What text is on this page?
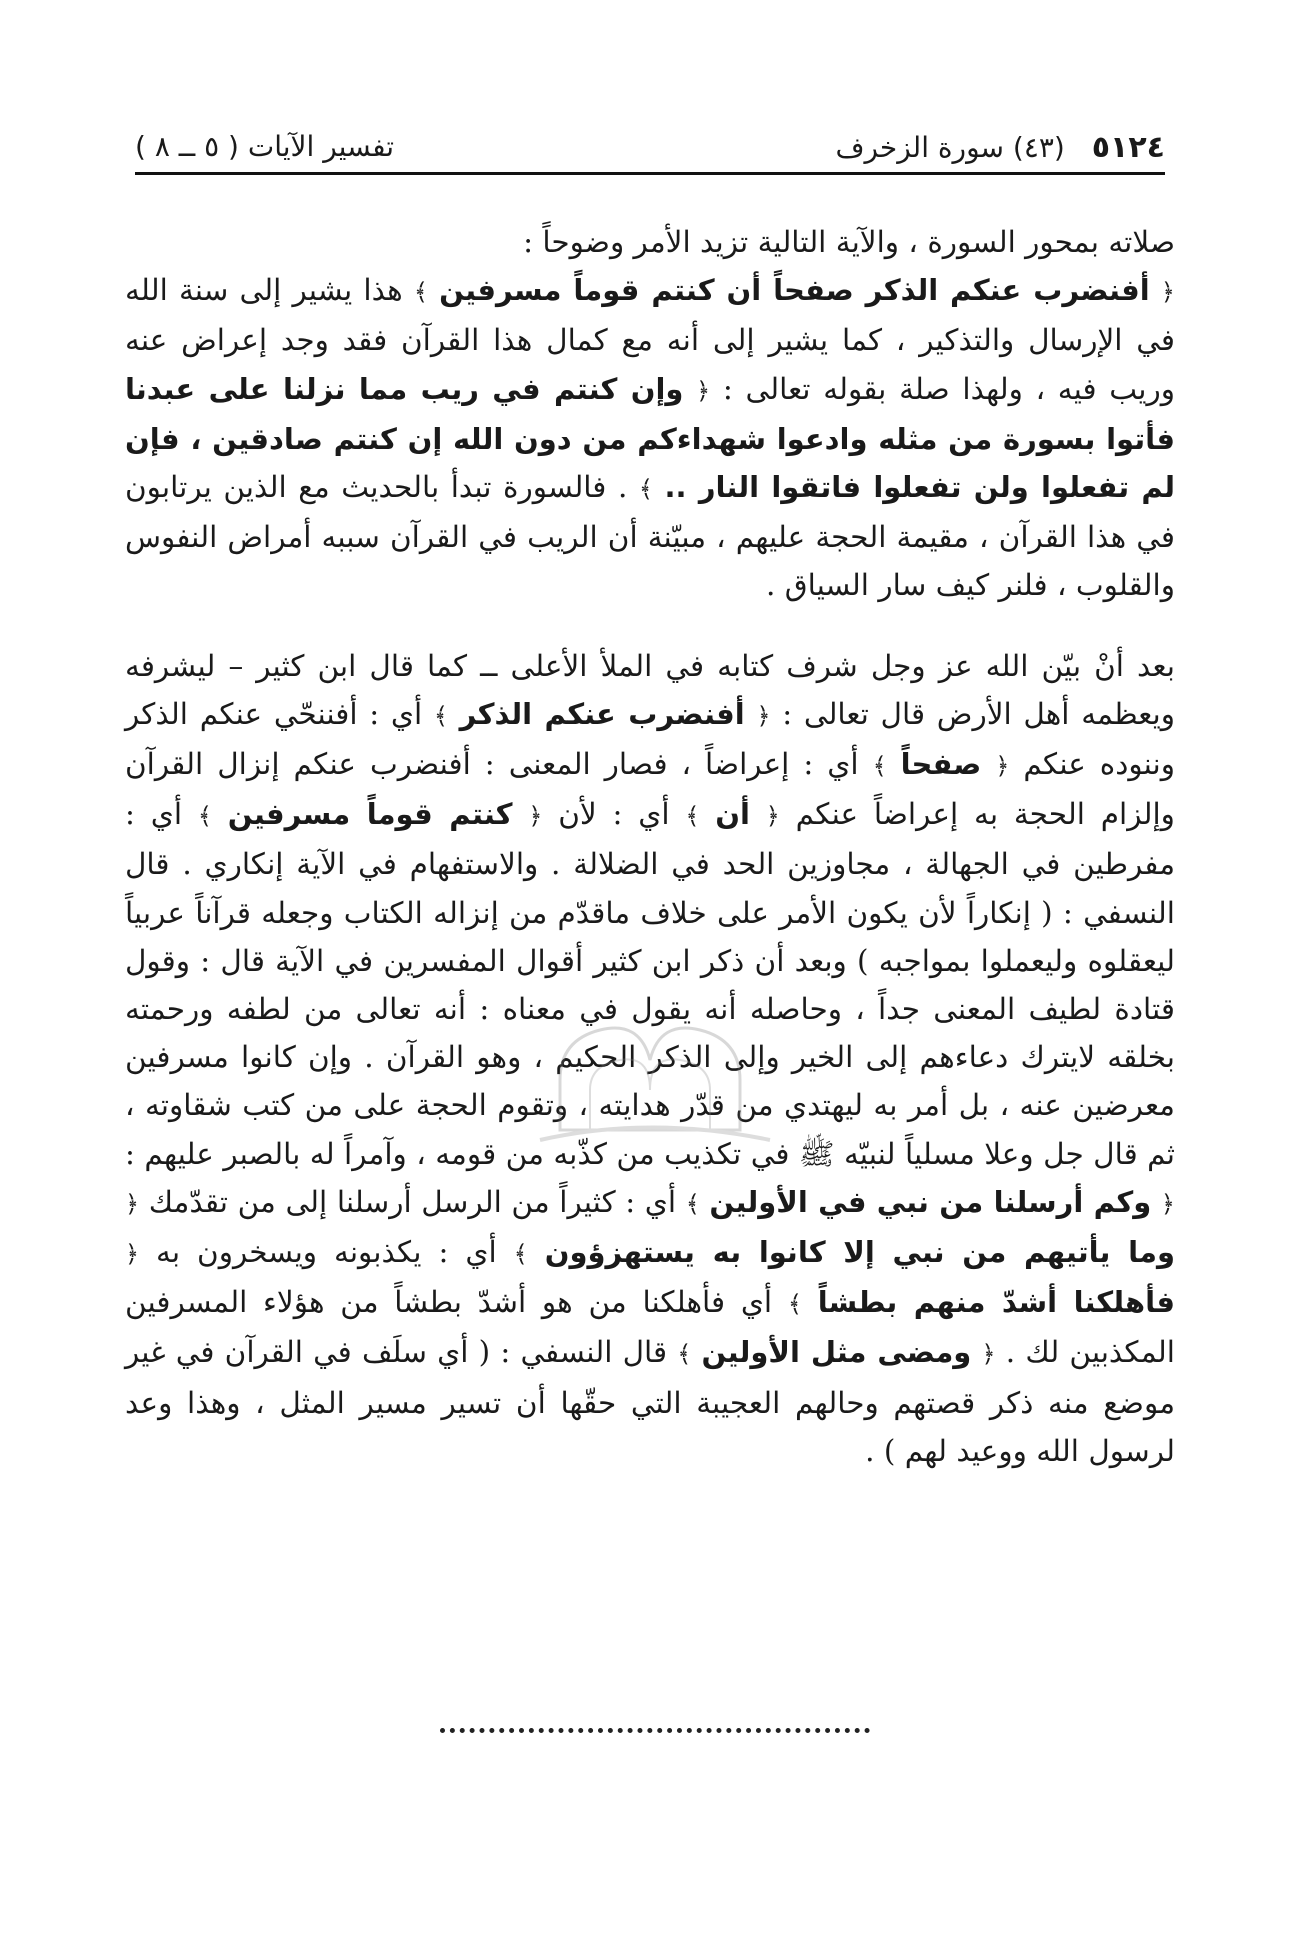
٥١٢٤ (٤٣) سورة الزخرف
تفسير الآيات ( ٥ ــ ٨ )

صلاته بمحور السورة ، والآية التالية تزيد الأمر وضوحاً :

﴿ أفنضرب عنكم الذكر صفحاً أن كنتم قوماً مسرفين ﴾ هذا يشير إلى سنة الله في الإرسال والتذكير ، كما يشير إلى أنه مع كمال هذا القرآن فقد وجد إعراض عنه وريب فيه ، ولهذا صلة بقوله تعالى : ﴿ وإن كنتم في ريب مما نزلنا على عبدنا فأتوا بسورة من مثله وادعوا شهداءكم من دون الله إن كنتم صادقين ، فإن لم تفعلوا ولن تفعلوا فاتقوا النار .. ﴾ . فالسورة تبدأ بالحديث مع الذين يرتابون في هذا القرآن ، مقيمة الحجة عليهم ، مبيّنة أن الريب في القرآن سببه أمراض النفوس والقلوب ، فلنر كيف سار السياق .

بعد أنْ بيّن الله عز وجل شرف كتابه في الملأ الأعلى ــ كما قال ابن كثير – ليشرفه ويعظمه أهل الأرض قال تعالى : ﴿ أفنضرب عنكم الذكر ﴾ أي : أفننحّي عنكم الذكر وننوده عنكم ﴿ صفحاً ﴾ أي : إعراضاً ، فصار المعنى : أفنضرب عنكم إنزال القرآن وإلزام الحجة به إعراضاً عنكم ﴿ أن ﴾ أي : لأن ﴿ كنتم قوماً مسرفين ﴾ أي : مفرطين في الجهالة ، مجاوزين الحد في الضلالة . والاستفهام في الآية إنكاري . قال النسفي : ( إنكاراً لأن يكون الأمر على خلاف ماقدّم من إنزاله الكتاب وجعله قرآناً عربياً ليعقلوه وليعملوا بمواجبه ) وبعد أن ذكر ابن كثير أقوال المفسرين في الآية قال : وقول قتادة لطيف المعنى جداً ، وحاصله أنه يقول في معناه : أنه تعالى من لطفه ورحمته بخلقه لايترك دعاءهم إلى الخير وإلى الذكر الحكيم ، وهو القرآن . وإن كانوا مسرفين معرضين عنه ، بل أمر به ليهتدي من قدّر هدايته ، وتقوم الحجة على من كتب شقاوته ، ثم قال جل وعلا مسلياً لنبيّه ﷺ في تكذيب من كذّبه من قومه ، وآمراً له بالصبر عليهم : ﴿ وكم أرسلنا من نبي في الأولين ﴾ أي : كثيراً من الرسل أرسلنا إلى من تقدّمك ﴿ وما يأتيهم من نبي إلا كانوا به يستهزؤون ﴾ أي : يكذبونه ويسخرون به ﴿ فأهلكنا أشدّ منهم بطشاً ﴾ أي فأهلكنا من هو أشدّ بطشاً من هؤلاء المسرفين المكذبين لك . ﴿ ومضى مثل الأولين ﴾ قال النسفي : ( أي سلَف في القرآن في غير موضع منه ذكر قصتهم وحالهم العجيبة التي حقّها أن تسير مسير المثل ، وهذا وعد لرسول الله ووعيد لهم ) .
